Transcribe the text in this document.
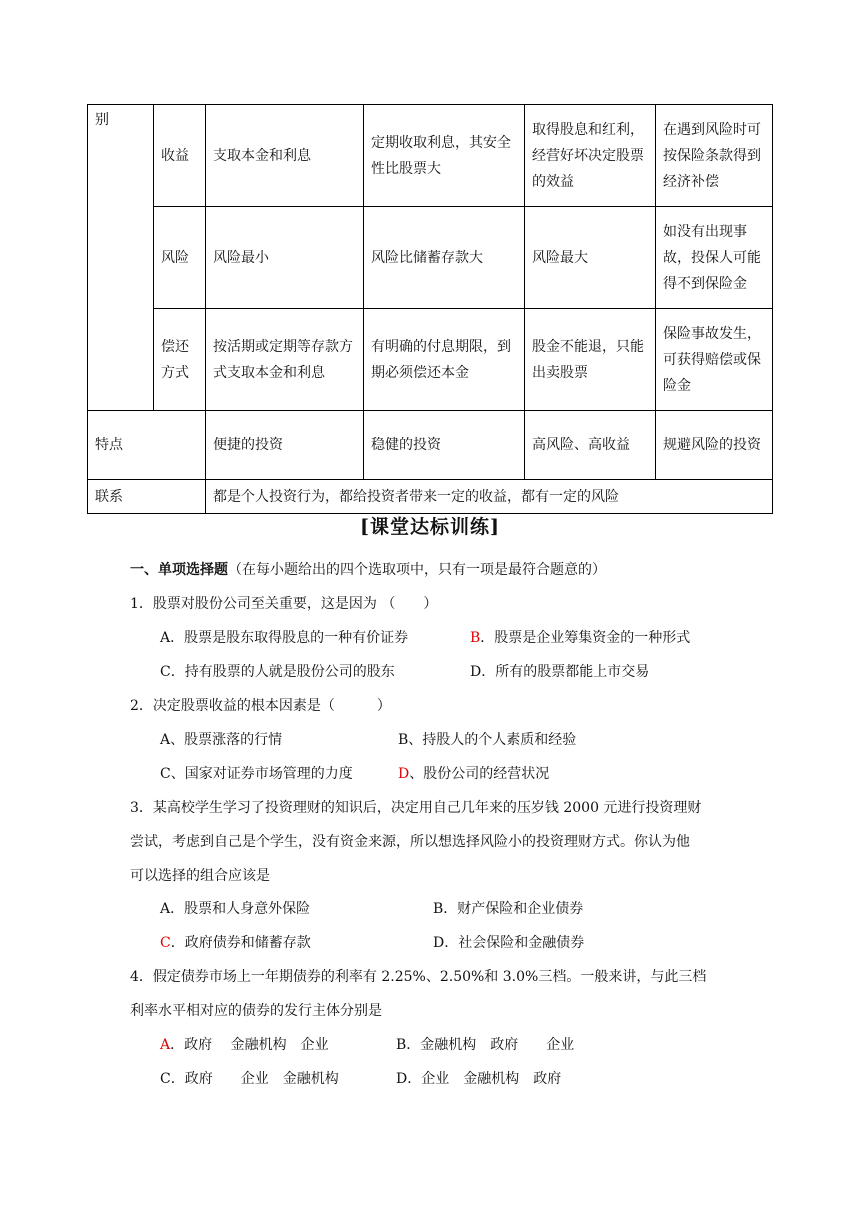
别	收益	支取本金和利息	定期收取利息，其安全性比股票大	取得股息和红利，经营好坏决定股票的效益	在遇到风险时可按保险条款得到经济补偿
	风险	风险最小	风险比储蓄存款大	风险最大	如没有出现事故，投保人可能得不到保险金
	偿还方式	按活期或定期等存款方式支取本金和利息	有明确的付息期限，到期必须偿还本金	股金不能退，只能出卖股票	保险事故发生，可获得赔偿或保险金
特点		便捷的投资	稳健的投资	高风险、高收益	规避风险的投资
联系		都是个人投资行为，都给投资者带来一定的收益，都有一定的风险			
[课堂达标训练]
一、单项选择题（在每小题给出的四个选取项中，只有一项是最符合题意的）
1．股票对股份公司至关重要，这是因为 （　　）
A．股票是股东取得股息的一种有价证券	B．股票是企业筹集资金的一种形式
C．持有股票的人就是股份公司的股东	D．所有的股票都能上市交易
2．决定股票收益的根本因素是（　　　）
A、股票涨落的行情	B、持股人的个人素质和经验
C、国家对证券市场管理的力度	D、股份公司的经营状况
3．某高校学生学习了投资理财的知识后，决定用自己几年来的压岁钱 2000 元进行投资理财
尝试，考虑到自己是个学生，没有资金来源，所以想选择风险小的投资理财方式。你认为他
可以选择的组合应该是
A．股票和人身意外保险	B．财产保险和企业债券
C．政府债券和储蓄存款	D．社会保险和金融债券
4．假定债券市场上一年期债券的利率有 2.25%、2.50%和 3.0%三档。一般来讲，与此三档
利率水平相对应的债券的发行主体分别是
A．政府　 金融机构　企业	B．金融机构　政府　　企业
C．政府　　企业　金融机构	D．企业　金融机构　政府
